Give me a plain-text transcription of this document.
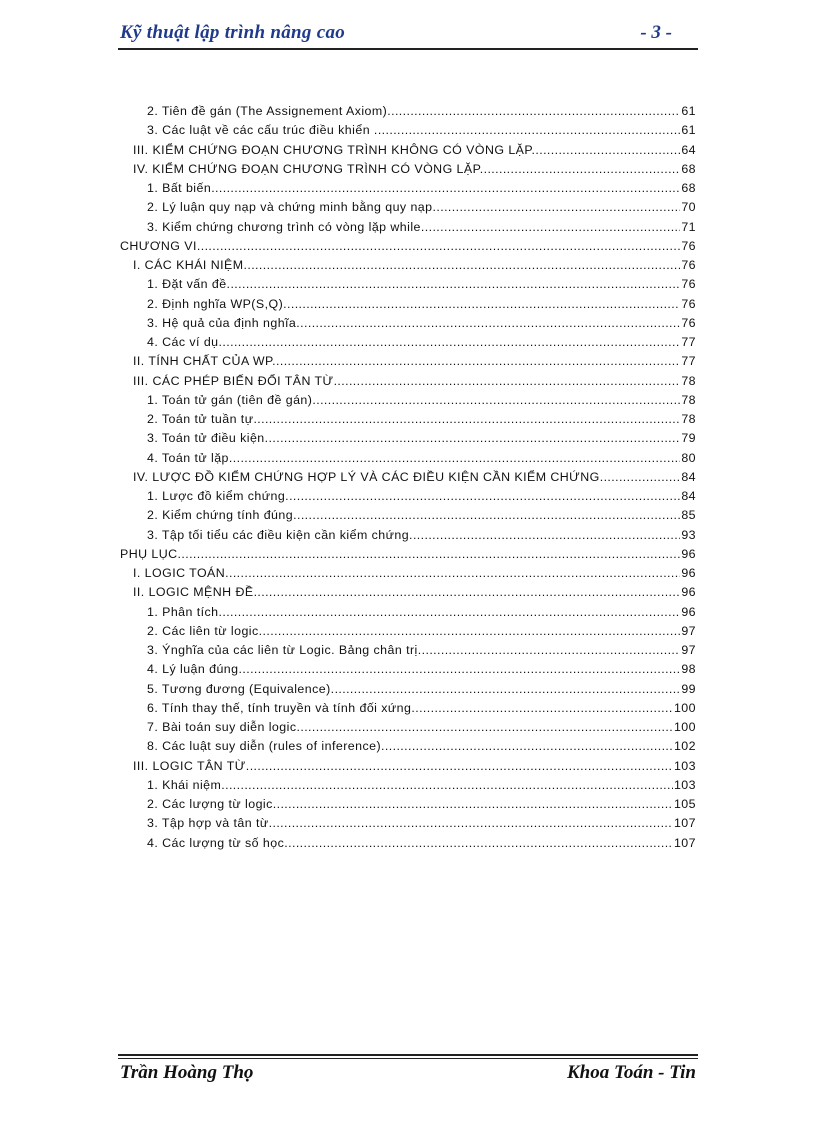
Kỹ thuật lập trình nâng cao	- 3 -
2. Tiên đề gán (The Assignement Axiom) .....	61
3. Các luật về các cấu trúc điều khiển . .....	61
III. KIỂM CHỨNG ĐOẠN CHƯƠNG TRÌNH KHÔNG CÓ VÒNG LẶP. .....	64
IV. KIỂM CHỨNG ĐOẠN CHƯƠNG TRÌNH CÓ VÒNG LẶP. .....	68
1. Bất biến .....	68
2. Lý luận quy nạp và chứng minh bằng quy nạp. .....	70
3. Kiểm chứng chương trình có vòng lặp while. .....	71
CHƯƠNG VI .....	76
I. CÁC KHÁI NIỆM. .....	76
1. Đặt vấn đề. .....	76
2. Định nghĩa WP(S,Q) .....	76
3. Hệ quả của định nghĩa. .....	76
4. Các ví dụ. .....	77
II. TÍNH CHẤT CỦA WP. .....	77
III. CÁC PHÉP BIẾN ĐỔI TÂN TỪ .....	78
1. Toán tử gán (tiên đề gán). .....	78
2. Toán tử tuần tự .....	78
3. Toán tử điều kiện. .....	79
4. Toán tử lặp. .....	80
IV. LƯỢC ĐỒ KIỂM CHỨNG HỢP LÝ VÀ CÁC ĐIỀU KIỆN CẦN KIỂM CHỨNG. .....	84
1. Lược đồ kiểm chứng. .....	84
2. Kiểm chứng tính đúng. .....	85
3. Tập tối tiểu các điều kiện cần kiểm chứng. .....	93
PHỤ LỤC .....	96
I. LOGIC TOÁN .....	96
II. LOGIC MỆNH ĐỀ .....	96
1. Phân tích .....	96
2. Các liên từ logic. .....	97
3. Ýnghĩa của các liên từ Logic. Bảng chân trị. .....	97
4. Lý luận đúng. .....	98
5. Tương đương (Equivalence). .....	99
6. Tính thay thế, tính truyền và tính đối xứng. .....	100
7. Bài toán suy diễn logic. .....	100
8. Các luật suy diễn (rules of inference). .....	102
III. LOGIC TÂN TỪ. .....	103
1. Khái niệm .....	103
2. Các lượng từ logic .....	105
3. Tập hợp và tân từ .....	107
4. Các lượng từ số học. .....	107
Trần Hoàng Thọ	Khoa Toán - Tin
